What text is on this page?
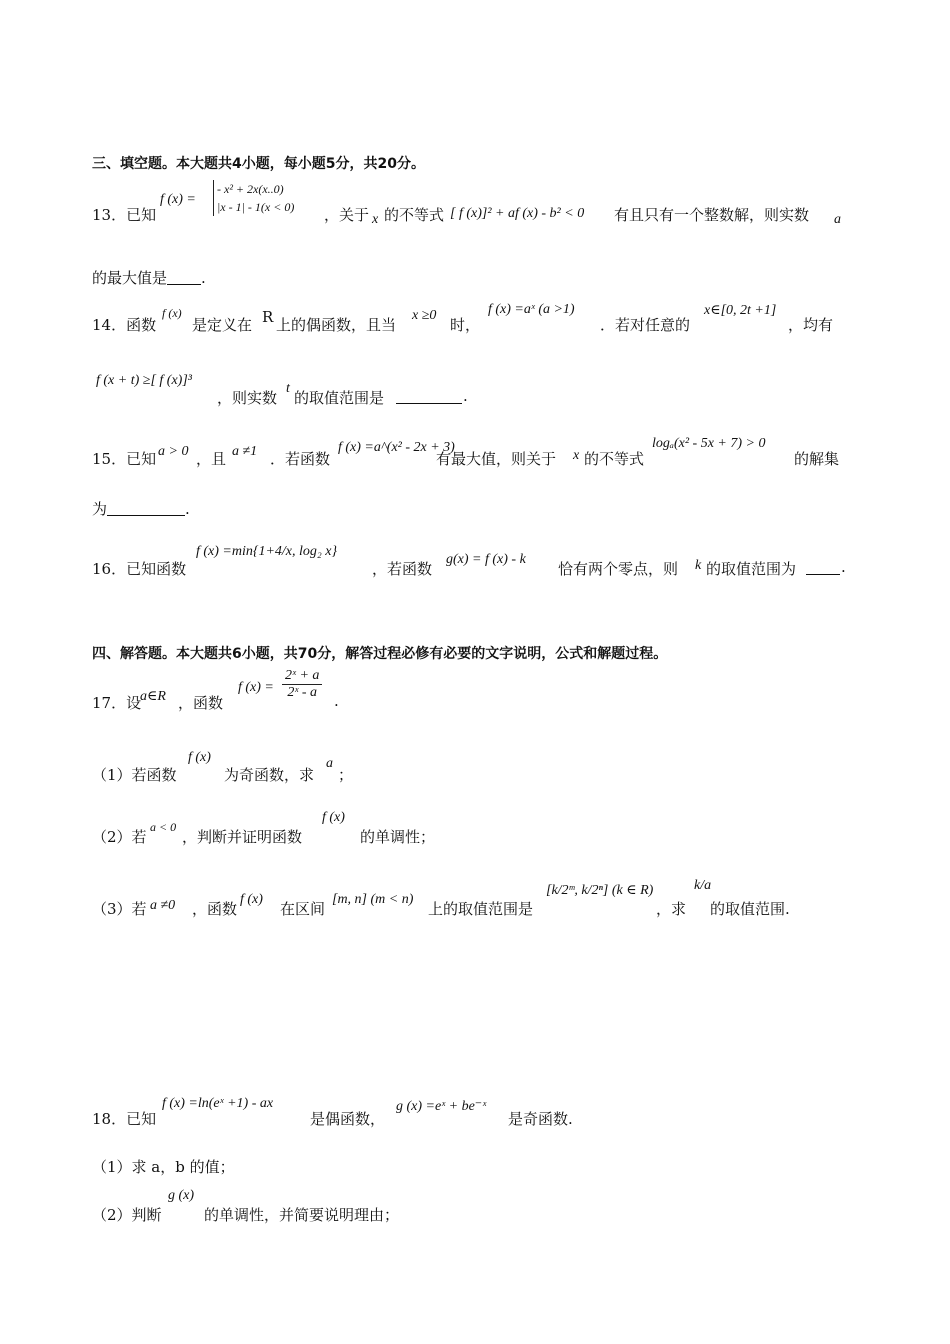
三、填空题。本大题共4小题，每小题5分，共20分。
13．已知
f (x) =
- x² + 2x(x..0)
|x - 1| - 1(x < 0) ，关于 x 的不等式 [ f (x)]² + af (x) - b² < 0 有且只有一个整数解，则实数 a
的最大值是 .
14．函数
f (x)
是定义在 R 上的偶函数，且当
x ≥0
时，
f (x) =aˣ (a >1)
．若对任意的
x∈[0, 2t +1]
，均有
f (x + t) ≥[ f (x)]³
，则实数
t
的取值范围是	.
15．已知 a > 0 ，且 a ≠1 ．若函数
f (x) =a^(x² - 2x + 3)
有最大值，则关于 x 的不等式
logₐ(x² - 5x + 7) > 0
的解集
为	.
16．已知函数
f (x) =min{1+4/x, log₂ x}
，若函数
g(x) = f (x) - k
恰有两个零点，则 k 的取值范围为	.
四、解答题。本大题共6小题，共70分，解答过程必修有必要的文字说明，公式和解题过程。
17．设
a∈R ，函数
f $(x) = \frac{\text{2ˣ + a}}{\text{2ˣ - a}}$ .
（1）若函数
f (x)
为奇函数，求
a
；
（2）若
a < 0
，判断并证明函数
f (x)
的单调性；
（3）若 a ≠0 ，函数
f (x)
在区间
[m, n] (m < n)
上的取值范围是
[k/2ᵐ, k/2ⁿ] (k ∈ R)
，求
k/a
的取值范围.
18．已知
f (x) =ln(eˣ +1) - ax
是偶函数，
g (x) =eˣ + be⁻ˣ
是奇函数.
（1）求 a，b 的值；
（2）判断
g (x)
的单调性，并简要说明理由；
